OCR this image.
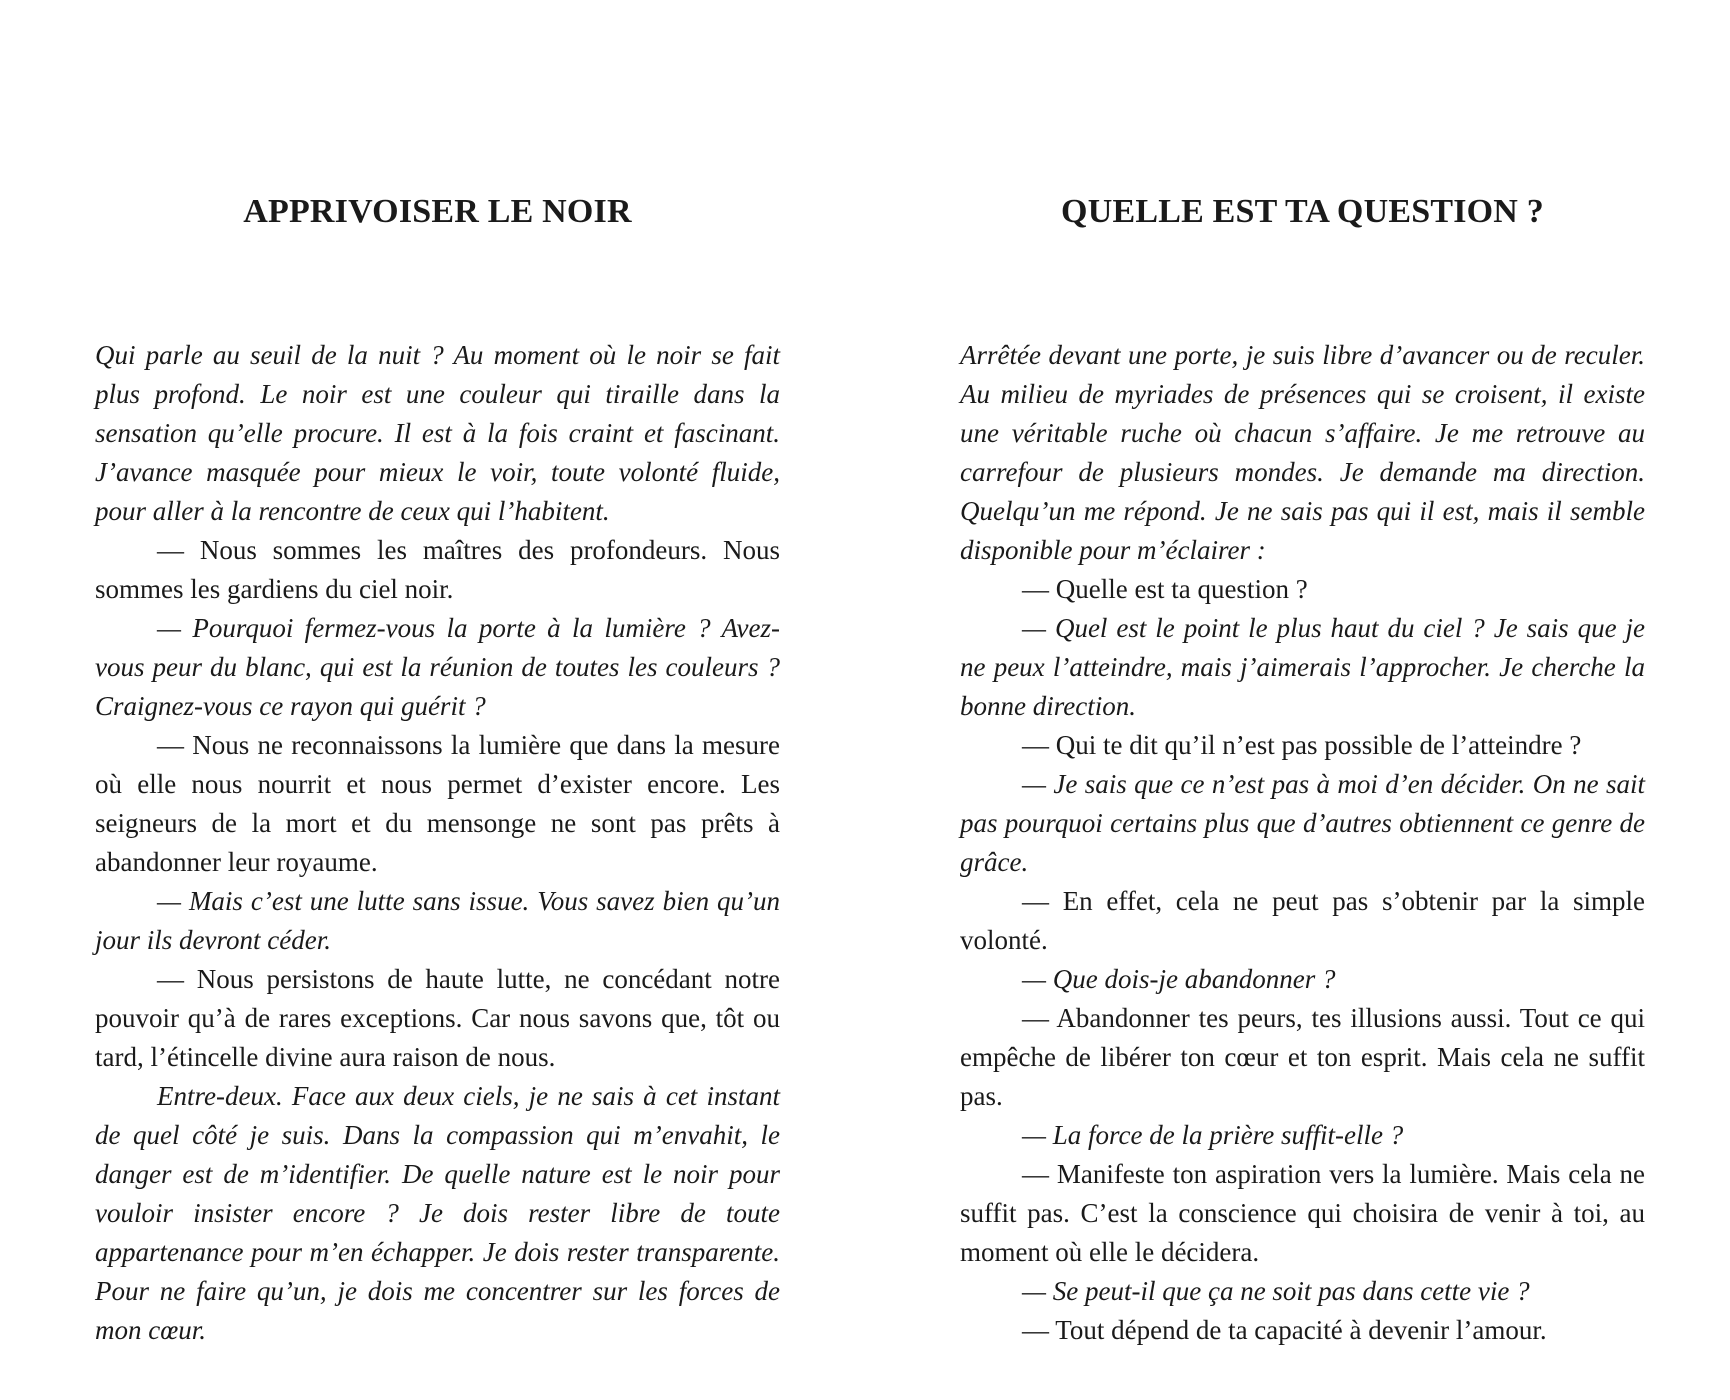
APPRIVOISER LE NOIR

Qui parle au seuil de la nuit ? Au moment où le noir se fait plus profond. Le noir est une couleur qui tiraille dans la sensation qu’elle procure. Il est à la fois craint et fascinant. J’avance masquée pour mieux le voir, toute volonté fluide, pour aller à la rencontre de ceux qui l’habitent.

— Nous sommes les maîtres des profondeurs. Nous sommes les gardiens du ciel noir.

— Pourquoi fermez-vous la porte à la lumière ? Avez-vous peur du blanc, qui est la réunion de toutes les couleurs ? Craignez-vous ce rayon qui guérit ?

— Nous ne reconnaissons la lumière que dans la mesure où elle nous nourrit et nous permet d’exister encore. Les seigneurs de la mort et du mensonge ne sont pas prêts à abandonner leur royaume.

— Mais c’est une lutte sans issue. Vous savez bien qu’un jour ils devront céder.

— Nous persistons de haute lutte, ne concédant notre pouvoir qu’à de rares exceptions. Car nous savons que, tôt ou tard, l’étincelle divine aura raison de nous.

Entre-deux. Face aux deux ciels, je ne sais à cet instant de quel côté je suis. Dans la compassion qui m’envahit, le danger est de m’identifier. De quelle nature est le noir pour vouloir insister encore ? Je dois rester libre de toute appartenance pour m’en échapper. Je dois rester transparente. Pour ne faire qu’un, je dois me concentrer sur les forces de mon cœur.

QUELLE EST TA QUESTION ?

Arrêtée devant une porte, je suis libre d’avancer ou de reculer. Au milieu de myriades de présences qui se croisent, il existe une véritable ruche où chacun s’affaire. Je me retrouve au carrefour de plusieurs mondes. Je demande ma direction. Quelqu’un me répond. Je ne sais pas qui il est, mais il semble disponible pour m’éclairer :

— Quelle est ta question ?

— Quel est le point le plus haut du ciel ? Je sais que je ne peux l’atteindre, mais j’aimerais l’approcher. Je cherche la bonne direction.

— Qui te dit qu’il n’est pas possible de l’atteindre ?

— Je sais que ce n’est pas à moi d’en décider. On ne sait pas pourquoi certains plus que d’autres obtiennent ce genre de grâce.

— En effet, cela ne peut pas s’obtenir par la simple volonté.

— Que dois-je abandonner ?

— Abandonner tes peurs, tes illusions aussi. Tout ce qui empêche de libérer ton cœur et ton esprit. Mais cela ne suffit pas.

— La force de la prière suffit-elle ?

— Manifeste ton aspiration vers la lumière. Mais cela ne suffit pas. C’est la conscience qui choisira de venir à toi, au moment où elle le décidera.

— Se peut-il que ça ne soit pas dans cette vie ?

— Tout dépend de ta capacité à devenir l’amour.
